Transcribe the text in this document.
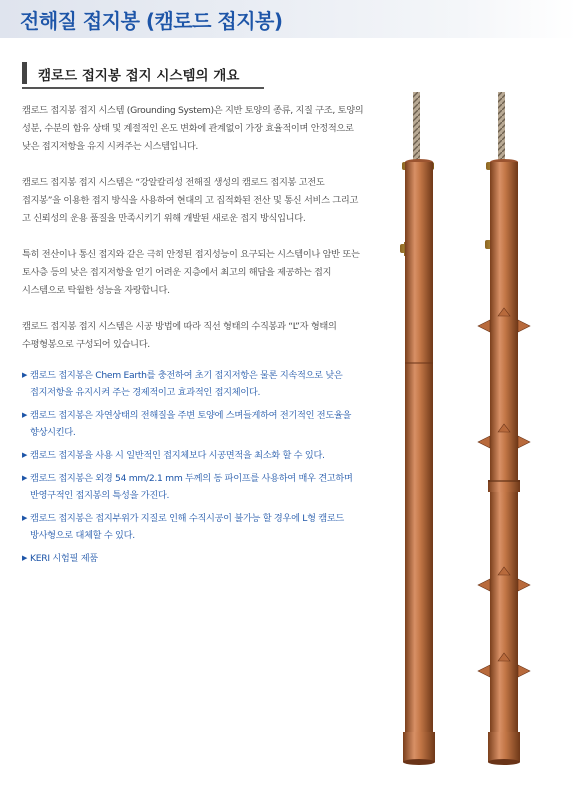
전해질 접지봉 (캠로드 접지봉)
캠로드 접지봉 접지 시스템의 개요

캠로드 접지봉 접지 시스템 (Grounding System)은 지반 토양의 종류, 지질 구조, 토양의 성분, 수분의 함유 상태 및 계절적인 온도 변화에 관계없이 가장 효율적이며 안정적으로 낮은 접지저항을 유지 시켜주는 시스템입니다.

캠로드 접지봉 접지 시스템은 “강알칼리성 전해질 생성의 캠로드 접지봉 고전도 접지봉”을 이용한 접지 방식을 사용하여 현대의 고 집적화된 전산 및 통신 서비스 그리고 고 신뢰성의 운용 품질을 만족시키기 위해 개발된 새로운 접지 방식입니다.

특히 전산이나 통신 접지와 같은 극히 안정된 접지성능이 요구되는 시스템이나 암반 또는 토사층 등의 낮은 접지저항을 얻기 어려운 지층에서 최고의 해답을 제공하는 접지 시스템으로 탁월한 성능을 자랑합니다.

캠로드 접지봉 접지 시스템은 시공 방법에 따라 직선 형태의 수직봉과 “L”자 형태의 수평형봉으로 구성되어 있습니다.

▶ 캠로드 접지봉은 Chem Earth를 충전하여 초기 접지저항은 물론 지속적으로 낮은 접지저항을 유지시켜 주는 경제적이고 효과적인 접지체이다.
▶ 캠로드 접지봉은 자연상태의 전해질을 주변 토양에 스며들게하여 전기적인 전도율을 향상시킨다.
▶ 캠로드 접지봉을 사용 시 일반적인 접지체보다 시공면적을 최소화 할 수 있다.
▶ 캠로드 접지봉은 외경 54 mm/2.1 mm 두께의 동 파이프를 사용하여 매우 견고하며 반영구적인 접지봉의 특성을 가진다.
▶ 캠로드 접지봉은 접지부위가 지질로 인해 수직시공이 불가능 할 경우에 L형 캠로드 방사형으로 대체할 수 있다.
▶ KERI 시험필 제품
